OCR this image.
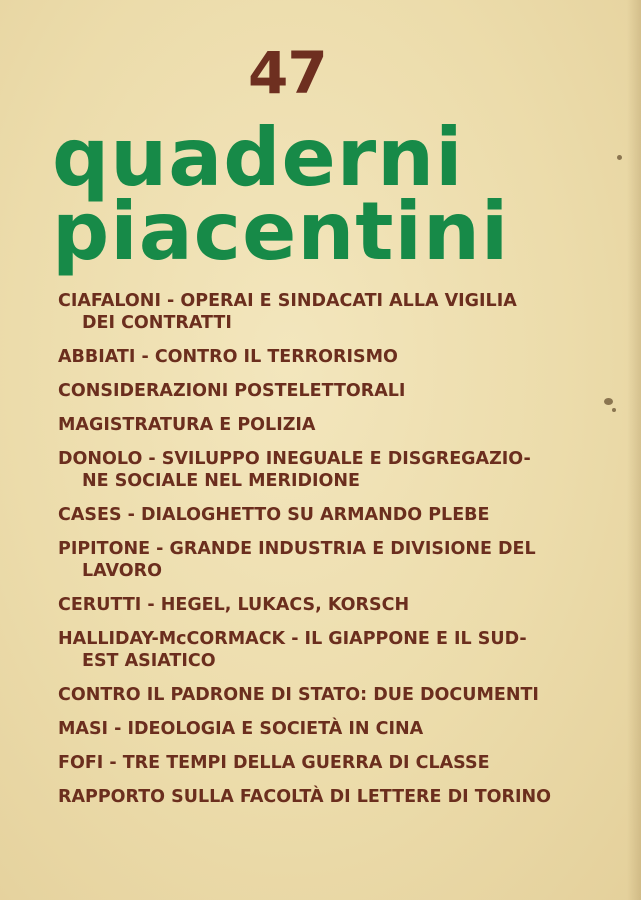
47
quaderni
piacentini
CIAFALONI - OPERAI E SINDACATI ALLA VIGILIA
DEI CONTRATTI
ABBIATI - CONTRO IL TERRORISMO
CONSIDERAZIONI POSTELETTORALI
MAGISTRATURA E POLIZIA
DONOLO - SVILUPPO INEGUALE E DISGREGAZIO-
NE SOCIALE NEL MERIDIONE
CASES - DIALOGHETTO SU ARMANDO PLEBE
PIPITONE - GRANDE INDUSTRIA E DIVISIONE DEL
LAVORO
CERUTTI - HEGEL, LUKACS, KORSCH
HALLIDAY-McCORMACK - IL GIAPPONE E IL SUD-
EST ASIATICO
CONTRO IL PADRONE DI STATO: DUE DOCUMENTI
MASI - IDEOLOGIA E SOCIETÀ IN CINA
FOFI - TRE TEMPI DELLA GUERRA DI CLASSE
RAPPORTO SULLA FACOLTÀ DI LETTERE DI TORINO
